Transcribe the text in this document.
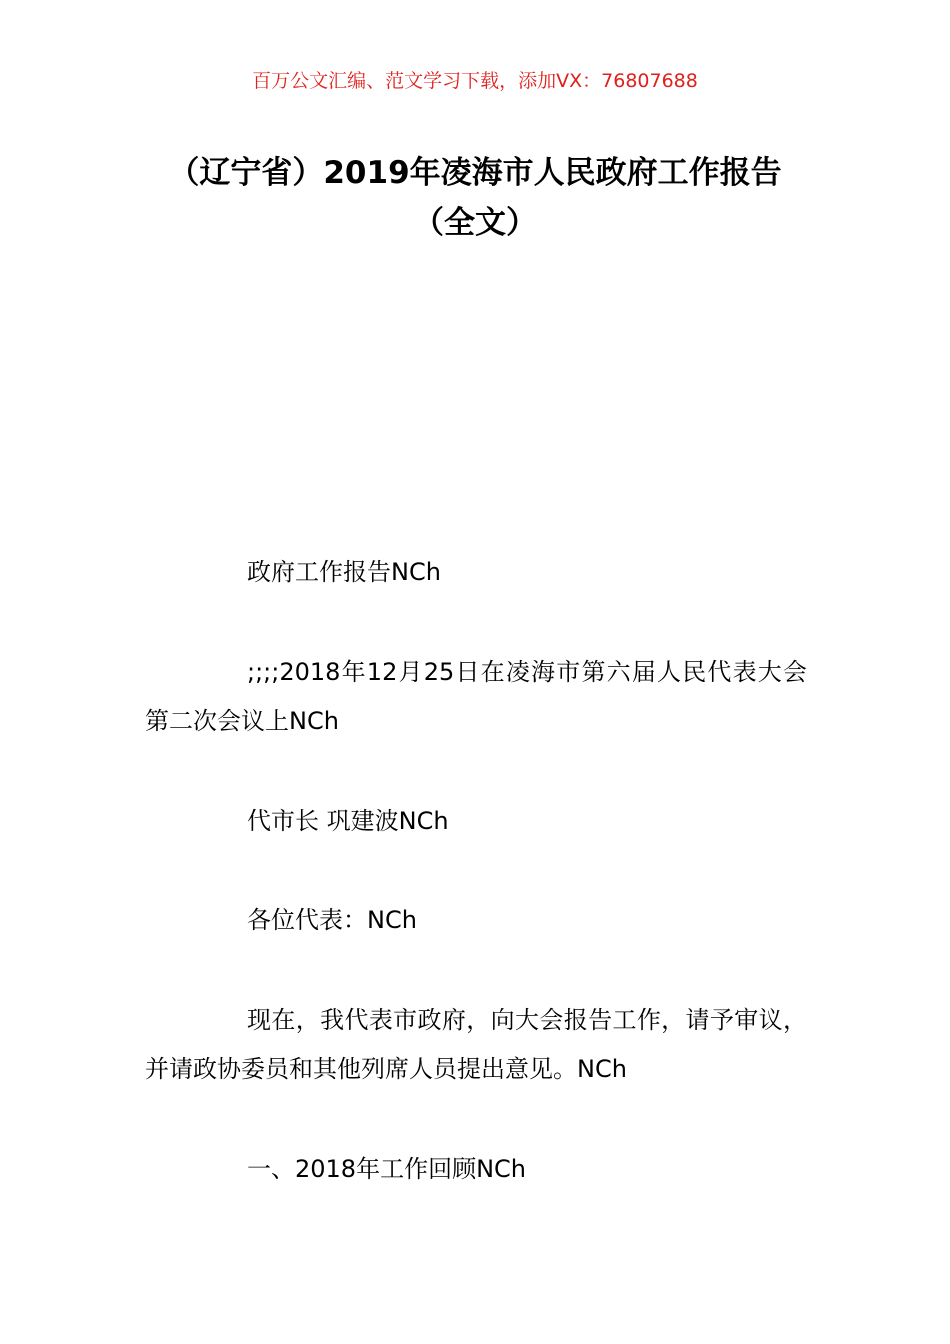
百万公文汇编、范文学习下载，添加VX：76807688
（辽宁省）2019年凌海市人民政府工作报告（全文）

政府工作报告NCh

;;;;2018年12月25日在凌海市第六届人民代表大会第二次会议上NCh

代市长 巩建波NCh

各位代表：NCh

现在，我代表市政府，向大会报告工作，请予审议，并请政协委员和其他列席人员提出意见。NCh

一、2018年工作回顾NCh
